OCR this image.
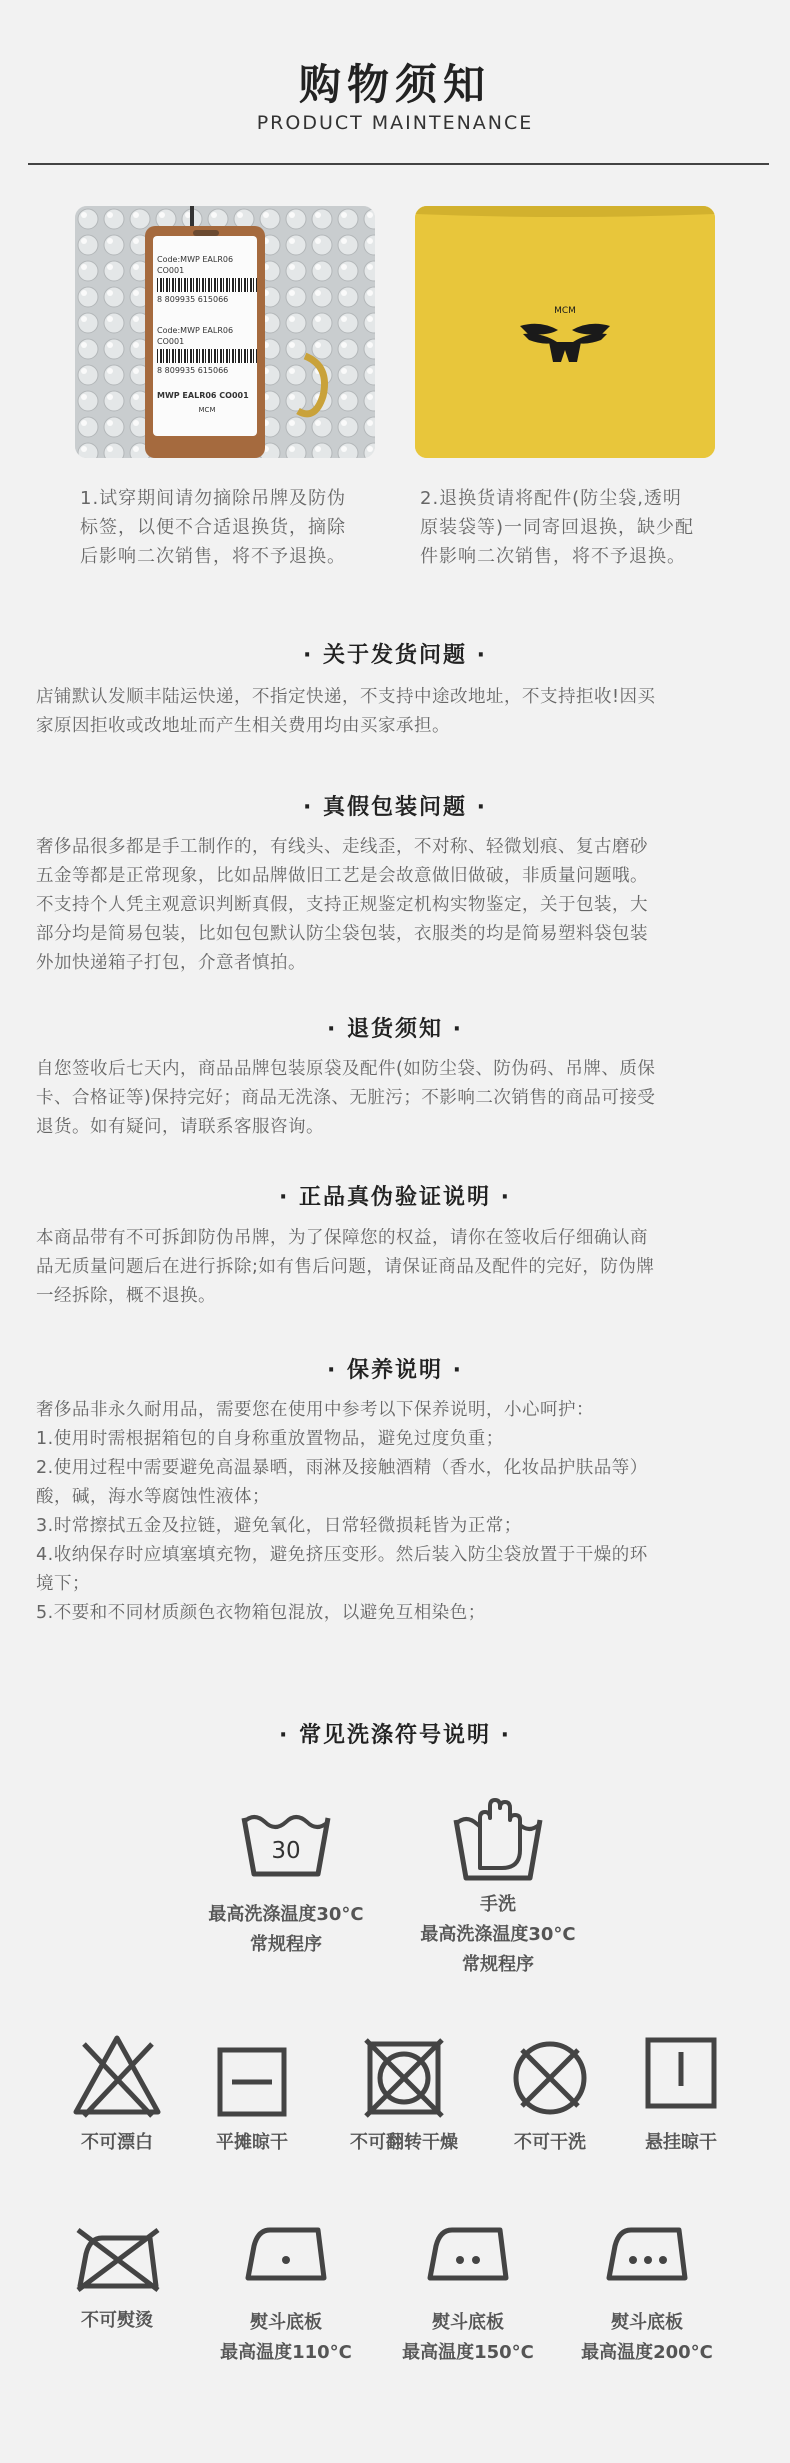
购物须知
PRODUCT MAINTENANCE
Code:MWP EALR06 CO001
8 809935 615066
Code:MWP EALR06 CO001
8 809935 615066
MWP EALR06 CO001
MCM
MCM
1.试穿期间请勿摘除吊牌及防伪
标签，以便不合适退换货，摘除
后影响二次销售，将不予退换。
2.退换货请将配件(防尘袋,透明
原装袋等)一同寄回退换，缺少配
件影响二次销售，将不予退换。
· 关于发货问题 ·
店铺默认发顺丰陆运快递，不指定快递，不支持中途改地址，不支持拒收!因买
家原因拒收或改地址而产生相关费用均由买家承担。
· 真假包装问题 ·
奢侈品很多都是手工制作的，有线头、走线歪，不对称、轻微划痕、复古磨砂
五金等都是正常现象，比如品牌做旧工艺是会故意做旧做破，非质量问题哦。
不支持个人凭主观意识判断真假，支持正规鉴定机构实物鉴定，关于包装，大
部分均是简易包装，比如包包默认防尘袋包装，衣服类的均是简易塑料袋包装
外加快递箱子打包，介意者慎拍。
· 退货须知 ·
自您签收后七天内，商品品牌包装原袋及配件(如防尘袋、防伪码、吊牌、质保
卡、合格证等)保持完好；商品无洗涤、无脏污；不影响二次销售的商品可接受
退货。如有疑问，请联系客服咨询。
· 正品真伪验证说明 ·
本商品带有不可拆卸防伪吊牌，为了保障您的权益，请你在签收后仔细确认商
品无质量问题后在进行拆除;如有售后问题，请保证商品及配件的完好，防伪牌
一经拆除，概不退换。
· 保养说明 ·
奢侈品非永久耐用品，需要您在使用中参考以下保养说明，小心呵护：
1.使用时需根据箱包的自身称重放置物品，避免过度负重；
2.使用过程中需要避免高温暴晒，雨淋及接触酒精（香水，化妆品护肤品等）
酸，碱，海水等腐蚀性液体；
3.时常擦拭五金及拉链，避免氧化，日常轻微损耗皆为正常；
4.收纳保存时应填塞填充物，避免挤压变形。然后装入防尘袋放置于干燥的环
境下；
5.不要和不同材质颜色衣物箱包混放，以避免互相染色；
· 常见洗涤符号说明 ·
30
最高洗涤温度30°C
常规程序
手洗
最高洗涤温度30°C
常规程序
不可漂白	平摊晾干	不可翻转干燥	不可干洗	悬挂晾干
不可熨烫	熨斗底板
最高温度110°C
熨斗底板
最高温度150°C
熨斗底板
最高温度200°C
